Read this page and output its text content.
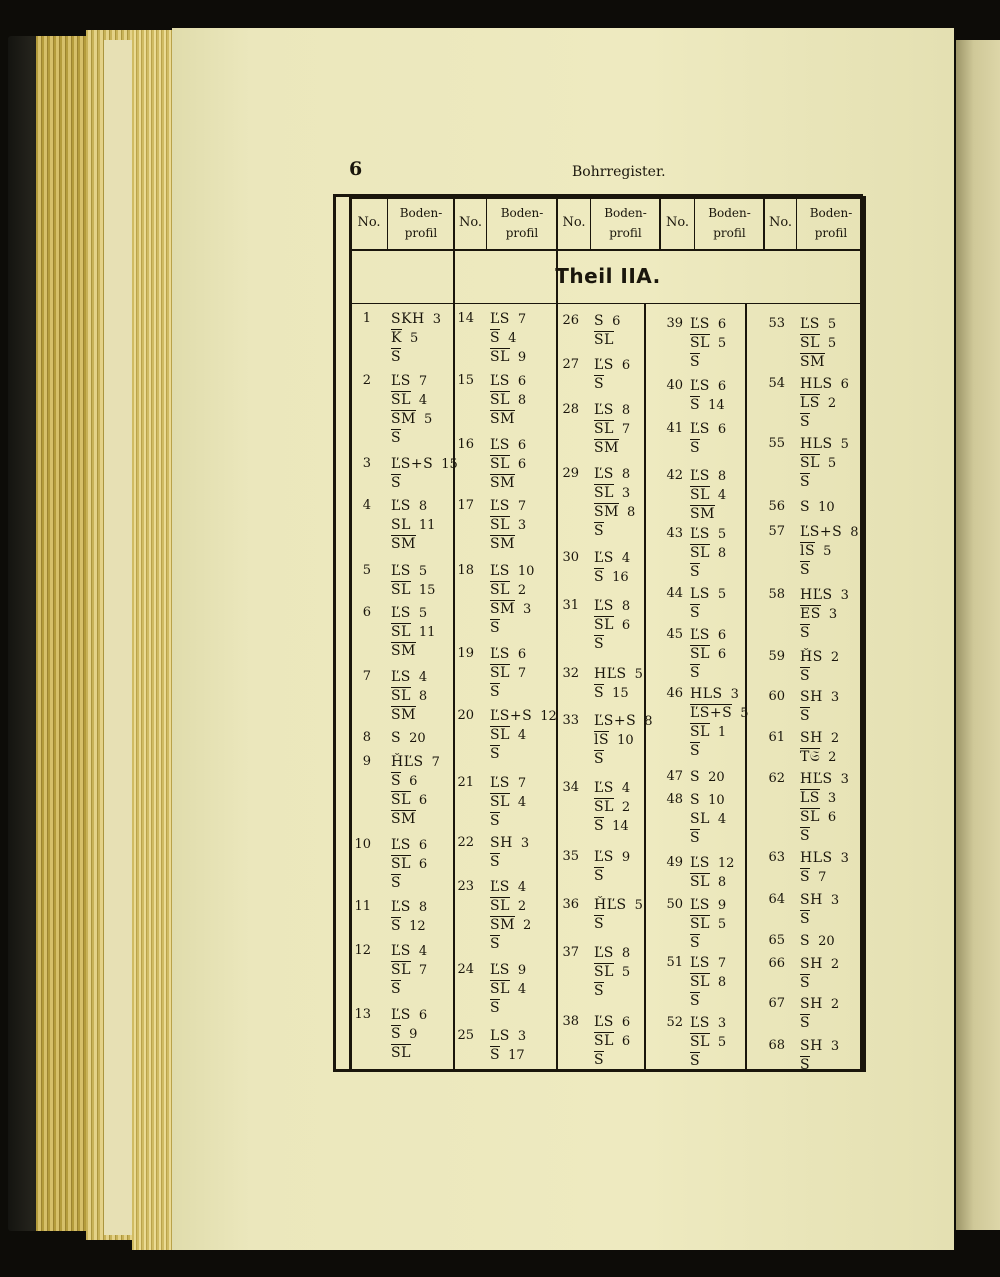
6	Bohrregister.
No.
Boden-
profil
No.
Boden-
profil
No.
Boden-
profil
No.
Boden-
profil
No.
Boden-
profil
Theil IIA.
1 SKH 3
K 5
S
2 ĽS 7
SL 4
SM 5
S
3 ĽS+S 15
S
4 ĽS 8
SL 11
SM
5 ĽS 5
SL 15
6 ĽS 5
SL 11
SM
7 ĽS 4
SL 8
SM
8 S 20
9 ȞĽS 7
S 6
SL 6
SM
10 ĽS 6
SL 6
S
11 ĽS 8
S 12
12 ĽS 4
SL 7
S
13 ĽS 6
S 9
SL
14 ĽS 7
S 4
SL 9
15 ĽS 6
SL 8
SM
16 ĽS 6
SL 6
SM
17 ĽS 7
SL 3
SM
18 ĽS 10
SL 2
SM 3
S
19 ĽS 6
SL 7
S
20 ĽS+S 12
SL 4
S
21 ĽS 7
SL 4
S
22 SH 3
S
23 ĽS 4
SL 2
SM 2
S
24 ĽS 9
SL 4
S
25 LS 3
S 17
26 S 6
SL
27 ĽS 6
S
28 ĽS 8
SL 7
SM
29 ĽS 8
SL 3
SM 8
S
30 ĽS 4
S 16
31 ĽS 8
SL 6
S
32 HĽS 5
S 15
33 ĽS+S 8
lS 10
S
34 ĽS 4
SL 2
S 14
35 ĽS 9
S
36 ȞĽS 5
S
37 ĽS 8
SL 5
S
38 ĽS 6
SL 6
S
39 ĽS 6
SL 5
S
40 ĽS 6
S 14
41 ĽS 6
S
42 ĽS 8
SL 4
SM
43 ĽS 5
SL 8
S
44 LS 5
S
45 ĽS 6
SL 6
S
46 HLS 3
ĽS+S 5
SL 1
S
47 S 20
48 S 10
SL 4
S
49 ĽS 12
SL 8
50 ĽS 9
SL 5
S
51 ĽS 7
SL 8
S
52 ĽS 3
SL 5
S
53 ĽS 5
SL 5
SM
54 HLS 6
LS 2
S
55 HLS 5
SL 5
S
56 S 10
57 ĽS+S 8
lS 5
S
58 HĽS 3
ES 3
S
59 ȞS 2
S
60 SH 3
S
61 SH 2
T𝔖 2
62 HĽS 3
LS 3
SL 6
S
63 HLS 3
S 7
64 SH 3
S
65 S 20
66 SH 2
S
67 SH 2
S
68 SH 3
S
